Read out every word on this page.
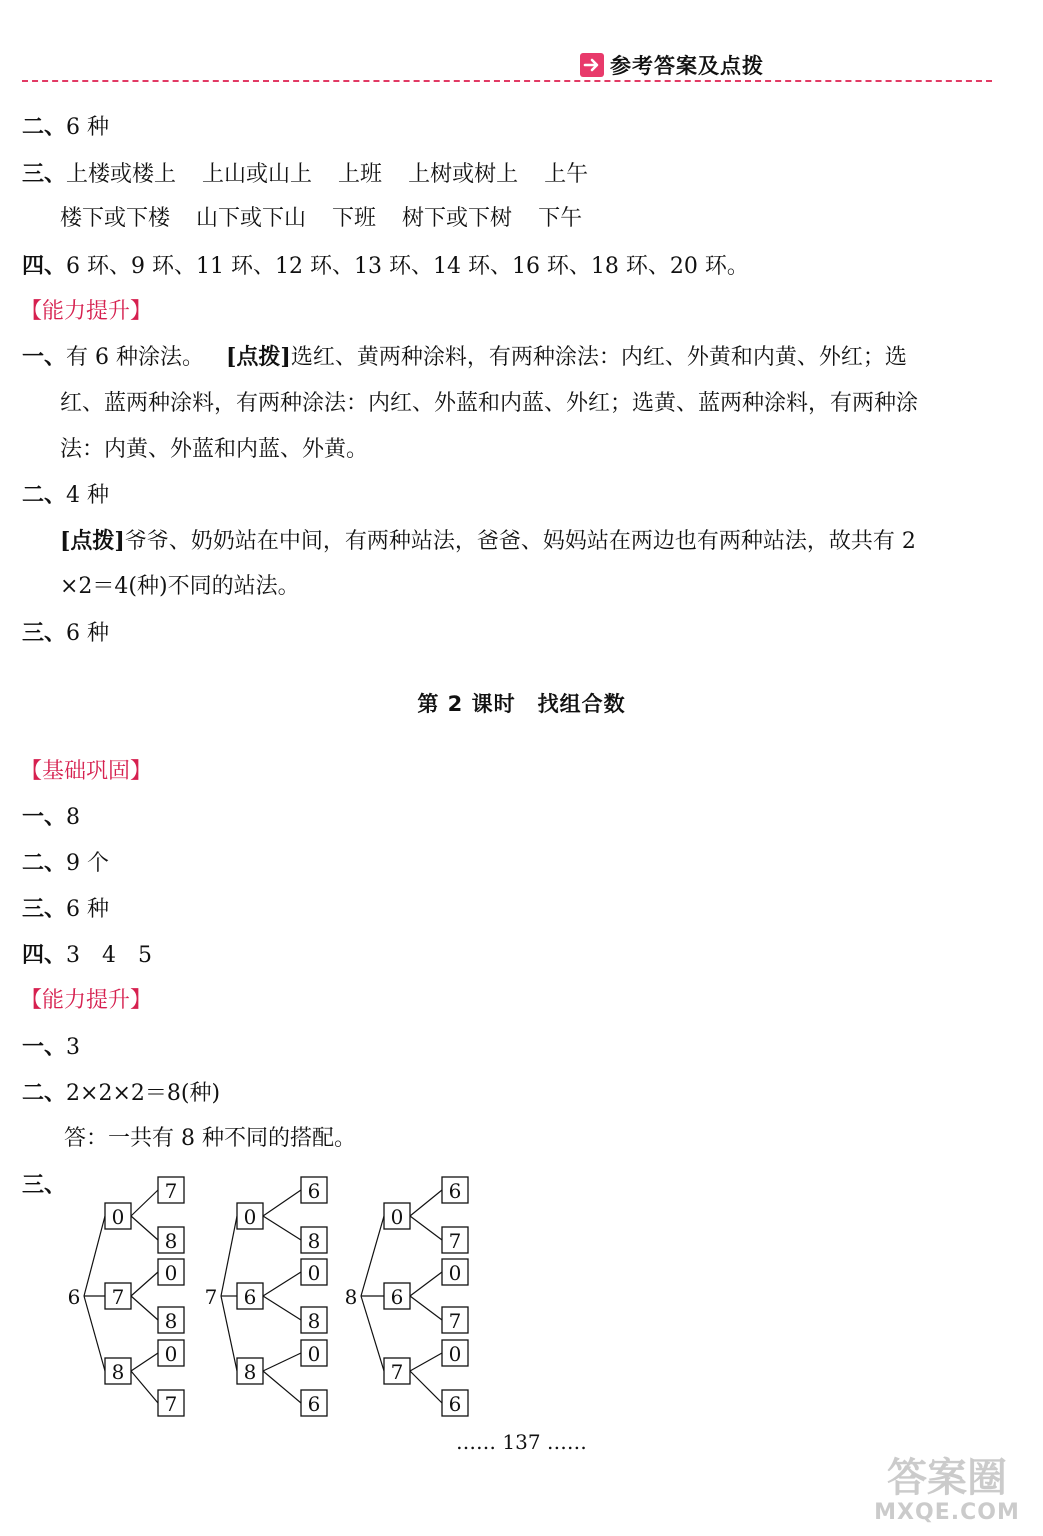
参考答案及点拨
二、6 种
三、上楼或楼上 上山或山上 上班 上树或树上 上午
楼下或下楼 山下或下山 下班 树下或下树 下午
四、6 环、9 环、11 环、12 环、13 环、14 环、16 环、18 环、20 环。
【能力提升】
一、有 6 种涂法。 [点拨]选红、黄两种涂料，有两种涂法：内红、外黄和内黄、外红；选
红、蓝两种涂料，有两种涂法：内红、外蓝和内蓝、外红；选黄、蓝两种涂料，有两种涂
法：内黄、外蓝和内蓝、外黄。
二、4 种
[点拨]爷爷、奶奶站在中间，有两种站法，爸爸、妈妈站在两边也有两种站法，故共有 2
×2＝4(种)不同的站法。
三、6 种
第 2 课时　找组合数
【基础巩固】
一、8
二、9 个
三、6 种
四、3　4　5
【能力提升】
一、3
二、2×2×2＝8(种)
答：一共有 8 种不同的搭配。
三、
6
0
7
8
7
0
8
8
0
7
7
0
6
8
6
0
8
8
0
6
8
0
6
7
6
0
7
7
0
6
…… 137 ……
答案圈
MXQE.COM
